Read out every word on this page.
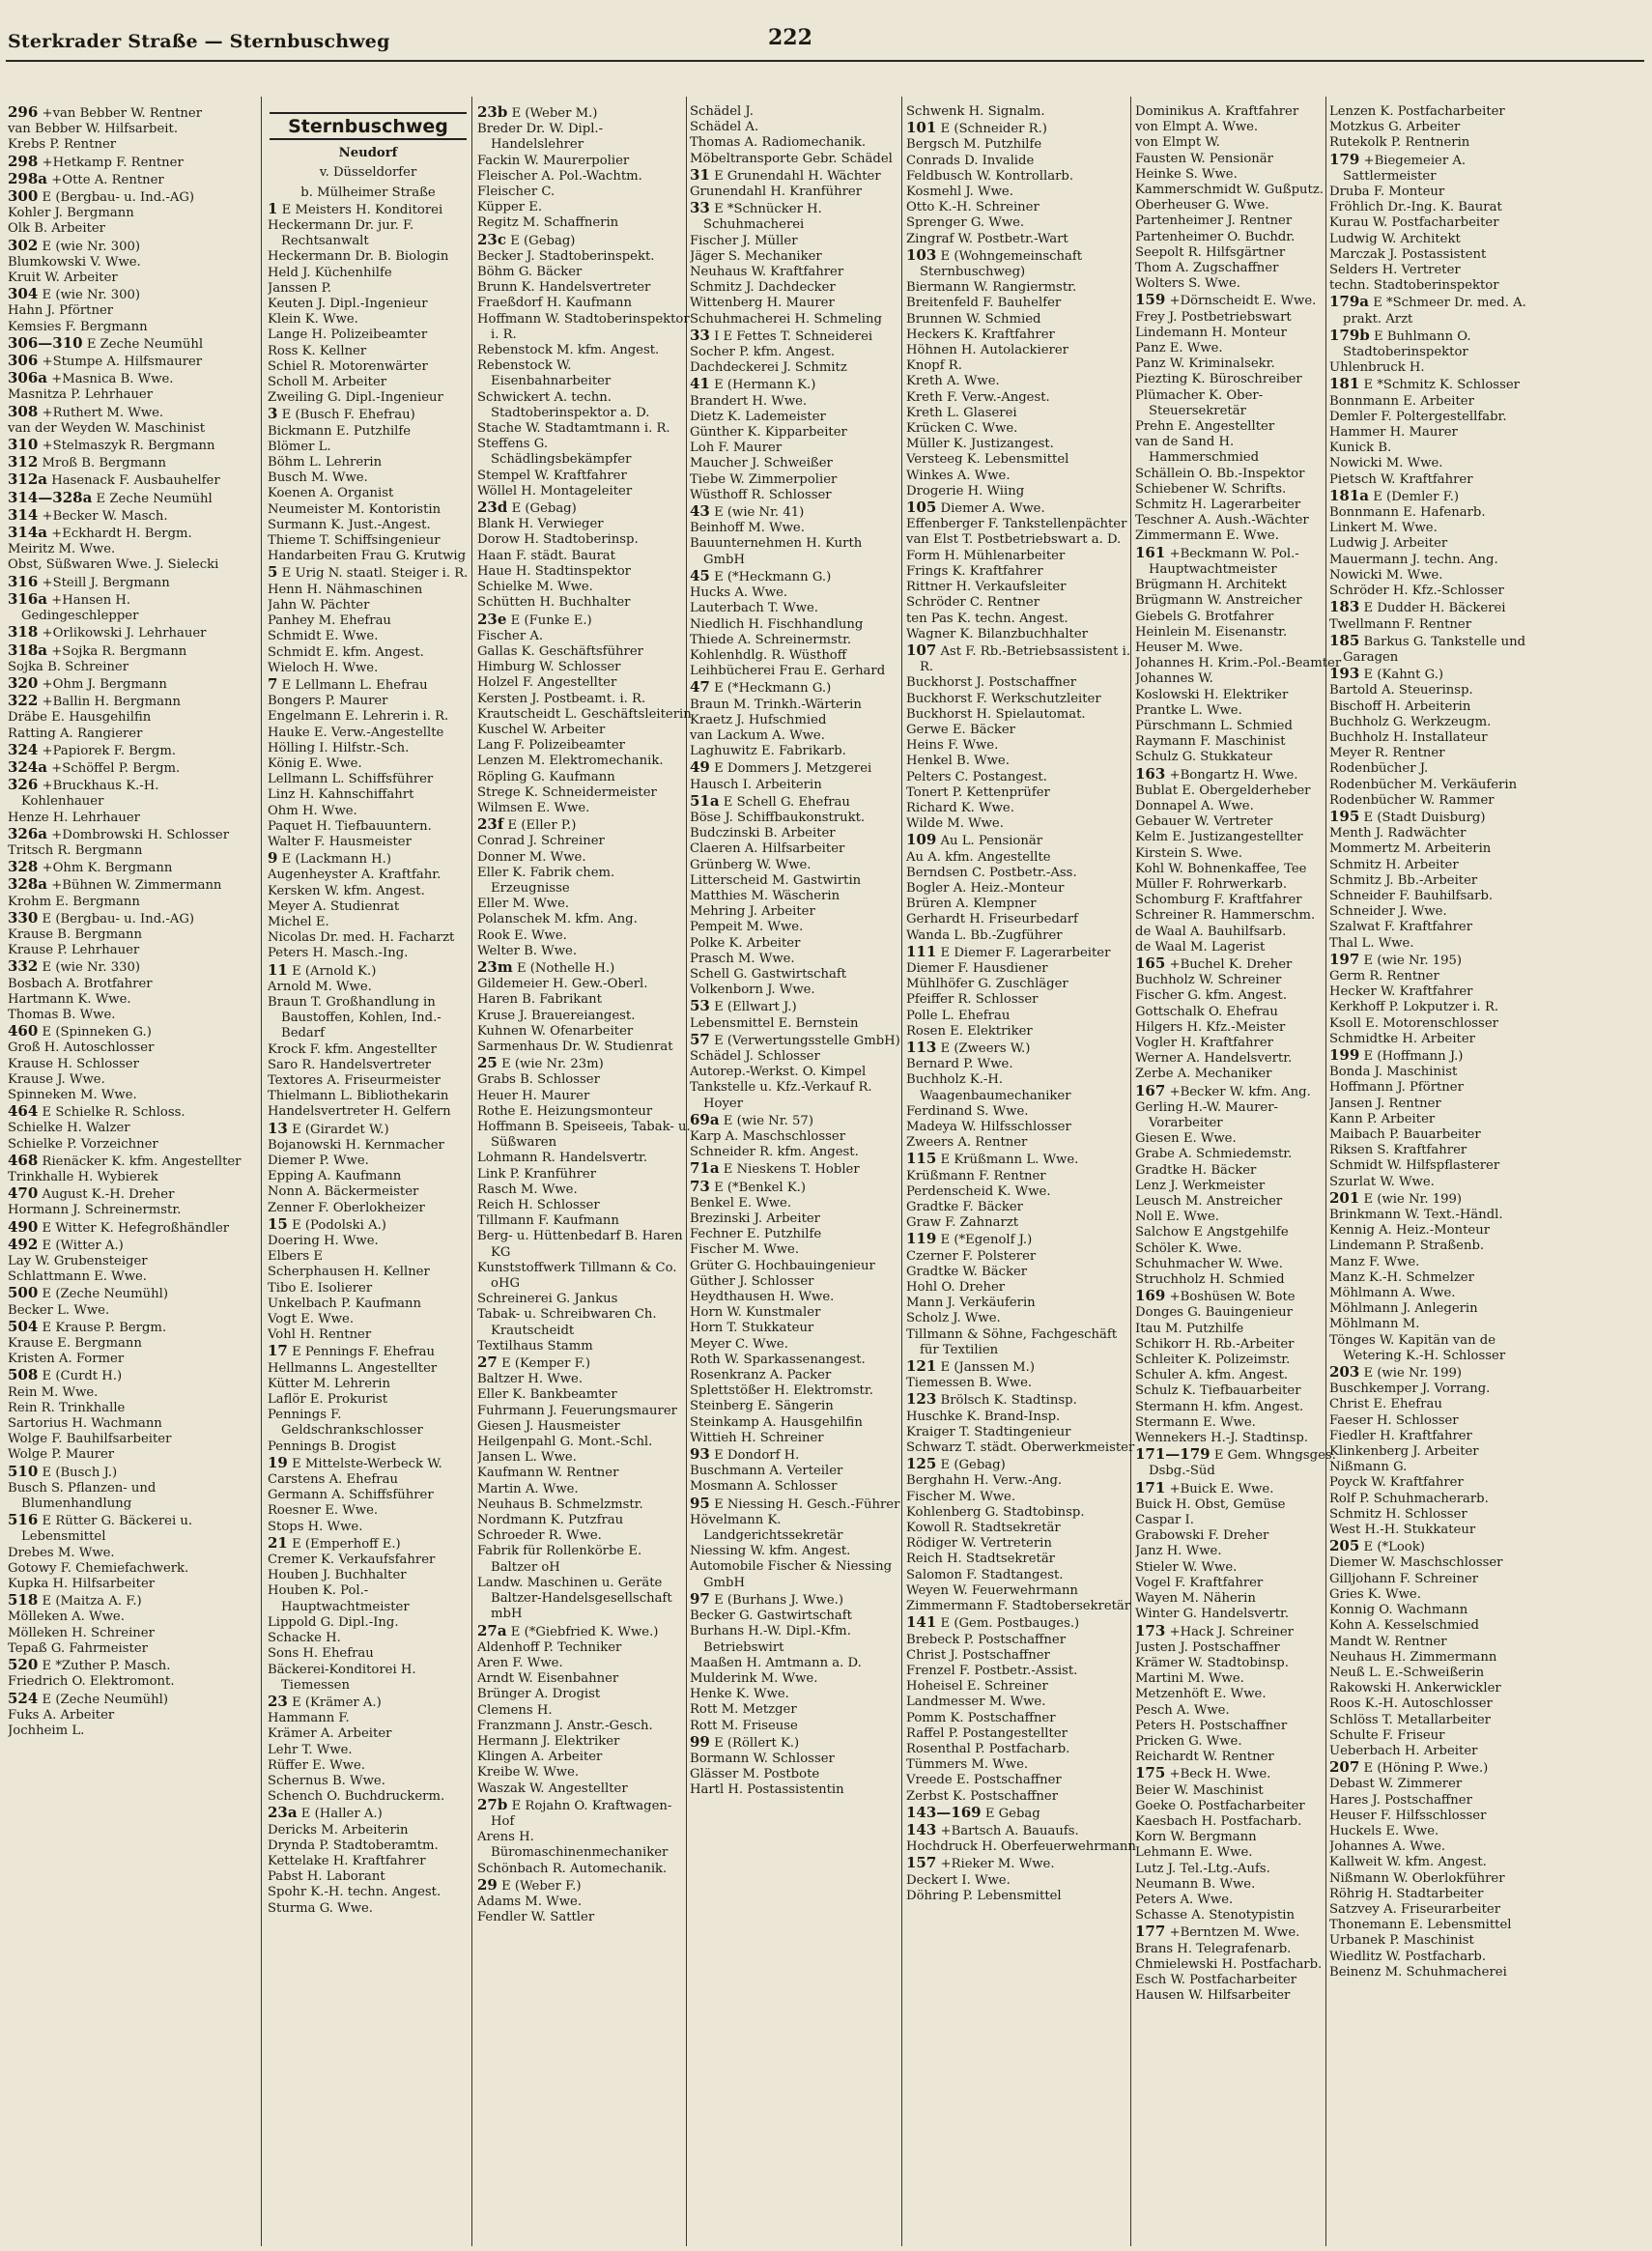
Sterkrader Straße — Sternbuschweg	222
296 +van Bebber W. Rentner
van Bebber W. Hilfsarbeit.
Krebs P. Rentner
298 +Hetkamp F. Rentner
298a +Otte A. Rentner
300 E (Bergbau- u. Ind.-AG)
Kohler J. Bergmann
Olk B. Arbeiter
302 E (wie Nr. 300)
Blumkowski V. Wwe.
Kruit W. Arbeiter
304 E (wie Nr. 300)
Hahn J. Pförtner
Kemsies F. Bergmann
306—310 E Zeche Neumühl
306 +Stumpe A. Hilfsmaurer
306a +Masnica B. Wwe.
Masnitza P. Lehrhauer
308 +Ruthert M. Wwe.
van der Weyden W. Maschinist
310 +Stelmaszyk R. Bergmann
312 Mroß B. Bergmann
312a Hasenack F. Ausbauhelfer
314—328a E Zeche Neumühl
314 +Becker W. Masch.
314a +Eckhardt H. Bergm.
Meiritz M. Wwe.
Obst, Süßwaren Wwe. J. Sielecki
316 +Steill J. Bergmann
316a +Hansen H. Gedingeschlepper
318 +Orlikowski J. Lehrhauer
318a +Sojka R. Bergmann
Sojka B. Schreiner
320 +Ohm J. Bergmann
322 +Ballin H. Bergmann
Dräbe E. Hausgehilfin
Ratting A. Rangierer
324 +Papiorek F. Bergm.
324a +Schöffel P. Bergm.
326 +Bruckhaus K.-H. Kohlenhauer
Henze H. Lehrhauer
326a +Dombrowski H. Schlosser
Tritsch R. Bergmann
328 +Ohm K. Bergmann
328a +Bühnen W. Zimmermann
Krohm E. Bergmann
330 E (Bergbau- u. Ind.-AG)
Krause B. Bergmann
Krause P. Lehrhauer
332 E (wie Nr. 330)
Bosbach A. Brotfahrer
Hartmann K. Wwe.
Thomas B. Wwe.
460 E (Spinneken G.)
Groß H. Autoschlosser
Krause H. Schlosser
Krause J. Wwe.
Spinneken M. Wwe.
464 E Schielke R. Schloss.
Schielke H. Walzer
Schielke P. Vorzeichner
468 Rienäcker K. kfm. Angestellter
Trinkhalle H. Wybierek
470 August K.-H. Dreher
Hormann J. Schreinermstr.
490 E Witter K. Hefegroßhändler
492 E (Witter A.)
Lay W. Grubensteiger
Schlattmann E. Wwe.
500 E (Zeche Neumühl)
Becker L. Wwe.
504 E Krause P. Bergm.
Krause E. Bergmann
Kristen A. Former
508 E (Curdt H.)
Rein M. Wwe.
Rein R. Trinkhalle
Sartorius H. Wachmann
Wolge F. Bauhilfsarbeiter
Wolge P. Maurer
510 E (Busch J.)
Busch S. Pflanzen- und Blumenhandlung
516 E Rütter G. Bäckerei u. Lebensmittel
Drebes M. Wwe.
Gotowy F. Chemiefachwerk.
Kupka H. Hilfsarbeiter
518 E (Maitza A. F.)
Mölleken A. Wwe.
Mölleken H. Schreiner
Tepaß G. Fahrmeister
520 E *Zuther P. Masch.
Friedrich O. Elektromont.
524 E (Zeche Neumühl)
Fuks A. Arbeiter
Jochheim L.
Sternbuschweg
Neudorf
v. Düsseldorfer
b. Mülheimer Straße
1 E Meisters H. Konditorei
Heckermann Dr. jur. F. Rechtsanwalt
Heckermann Dr. B. Biologin
Held J. Küchenhilfe
Janssen P.
Keuten J. Dipl.-Ingenieur
Klein K. Wwe.
Lange H. Polizeibeamter
Ross K. Kellner
Schiel R. Motorenwärter
Scholl M. Arbeiter
Zweiling G. Dipl.-Ingenieur
3 E (Busch F. Ehefrau)
Bickmann E. Putzhilfe
Blömer L.
Böhm L. Lehrerin
Busch M. Wwe.
Koenen A. Organist
Neumeister M. Kontoristin
Surmann K. Just.-Angest.
Thieme T. Schiffsingenieur
Handarbeiten Frau G. Krutwig
5 E Urig N. staatl. Steiger i. R.
Henn H. Nähmaschinen
Jahn W. Pächter
Panhey M. Ehefrau
Schmidt E. Wwe.
Schmidt E. kfm. Angest.
Wieloch H. Wwe.
7 E Lellmann L. Ehefrau
Bongers P. Maurer
Engelmann E. Lehrerin i. R.
Hauke E. Verw.-Angestellte
Hölling I. Hilfstr.-Sch.
König E. Wwe.
Lellmann L. Schiffsführer
Linz H. Kahnschiffahrt
Ohm H. Wwe.
Paquet H. Tiefbauuntern.
Walter F. Hausmeister
9 E (Lackmann H.)
Augenheyster A. Kraftfahr.
Kersken W. kfm. Angest.
Meyer A. Studienrat
Michel E.
Nicolas Dr. med. H. Facharzt
Peters H. Masch.-Ing.
11 E (Arnold K.)
Arnold M. Wwe.
Braun T. Großhandlung in Baustoffen, Kohlen, Ind.-Bedarf
Krock F. kfm. Angestellter
Saro R. Handelsvertreter
Textores A. Friseurmeister
Thielmann L. Bibliothekarin
Handelsvertreter H. Gelfern
13 E (Girardet W.)
Bojanowski H. Kernmacher
Diemer P. Wwe.
Epping A. Kaufmann
Nonn A. Bäckermeister
Zenner F. Oberlokheizer
15 E (Podolski A.)
Doering H. Wwe.
Elbers E
Scherphausen H. Kellner
Tibo E. Isolierer
Unkelbach P. Kaufmann
Vogt E. Wwe.
Vohl H. Rentner
17 E Pennings F. Ehefrau
Hellmanns L. Angestellter
Kütter M. Lehrerin
Laflör E. Prokurist
Pennings F. Geldschrankschlosser
Pennings B. Drogist
19 E Mittelste-Werbeck W.
Carstens A. Ehefrau
Germann A. Schiffsführer
Roesner E. Wwe.
Stops H. Wwe.
21 E (Emperhoff E.)
Cremer K. Verkaufsfahrer
Houben J. Buchhalter
Houben K. Pol.-Hauptwachtmeister
Lippold G. Dipl.-Ing.
Schacke H.
Sons H. Ehefrau
Bäckerei-Konditorei H. Tiemessen
23 E (Krämer A.)
Hammann F.
Krämer A. Arbeiter
Lehr T. Wwe.
Rüffer E. Wwe.
Schernus B. Wwe.
Schench O. Buchdruckerm.
23a E (Haller A.)
Dericks M. Arbeiterin
Drynda P. Stadtoberamtm.
Kettelake H. Kraftfahrer
Pabst H. Laborant
Spohr K.-H. techn. Angest.
Sturma G. Wwe.
23b E (Weber M.)
Breder Dr. W. Dipl.-Handelslehrer
Fackin W. Maurerpolier
Fleischer A. Pol.-Wachtm.
Fleischer C.
Küpper E.
Regitz M. Schaffnerin
23c E (Gebag)
Becker J. Stadtoberinspekt.
Böhm G. Bäcker
Brunn K. Handelsvertreter
Fraeßdorf H. Kaufmann
Hoffmann W. Stadtoberinspektor i. R.
Rebenstock M. kfm. Angest.
Rebenstock W. Eisenbahnarbeiter
Schwickert A. techn. Stadtoberinspektor a. D.
Stache W. Stadtamtmann i. R.
Steffens G. Schädlingsbekämpfer
Stempel W. Kraftfahrer
Wöllel H. Montageleiter
23d E (Gebag)
Blank H. Verwieger
Dorow H. Stadtoberinsp.
Haan F. städt. Baurat
Haue H. Stadtinspektor
Schielke M. Wwe.
Schütten H. Buchhalter
23e E (Funke E.)
Fischer A.
Gallas K. Geschäftsführer
Himburg W. Schlosser
Holzel F. Angestellter
Kersten J. Postbeamt. i. R.
Krautscheidt L. Geschäftsleiterin
Kuschel W. Arbeiter
Lang F. Polizeibeamter
Lenzen M. Elektromechanik.
Röpling G. Kaufmann
Strege K. Schneidermeister
Wilmsen E. Wwe.
23f E (Eller P.)
Conrad J. Schreiner
Donner M. Wwe.
Eller K. Fabrik chem. Erzeugnisse
Eller M. Wwe.
Polanschek M. kfm. Ang.
Rook E. Wwe.
Welter B. Wwe.
23m E (Nothelle H.)
Gildemeier H. Gew.-Oberl.
Haren B. Fabrikant
Kruse J. Brauereiangest.
Kuhnen W. Ofenarbeiter
Sarmenhaus Dr. W. Studienrat
25 E (wie Nr. 23m)
Grabs B. Schlosser
Heuer H. Maurer
Rothe E. Heizungsmonteur
Hoffmann B. Speiseeis, Tabak- u. Süßwaren
Lohmann R. Handelsvertr.
Link P. Kranführer
Rasch M. Wwe.
Reich H. Schlosser
Tillmann F. Kaufmann
Berg- u. Hüttenbedarf B. Haren KG
Kunststoffwerk Tillmann & Co. oHG
Schreinerei G. Jankus
Tabak- u. Schreibwaren Ch. Krautscheidt
Textilhaus Stamm
27 E (Kemper F.)
Baltzer H. Wwe.
Eller K. Bankbeamter
Fuhrmann J. Feuerungsmaurer
Giesen J. Hausmeister
Heilgenpahl G. Mont.-Schl.
Jansen L. Wwe.
Kaufmann W. Rentner
Martin A. Wwe.
Neuhaus B. Schmelzmstr.
Nordmann K. Putzfrau
Schroeder R. Wwe.
Fabrik für Rollenkörbe E. Baltzer oH
Landw. Maschinen u. Geräte Baltzer-Handelsgesellschaft mbH
27a E (*Giebfried K. Wwe.)
Aldenhoff P. Techniker
Aren F. Wwe.
Arndt W. Eisenbahner
Brünger A. Drogist
Clemens H.
Franzmann J. Anstr.-Gesch.
Hermann J. Elektriker
Klingen A. Arbeiter
Kreibe W. Wwe.
Waszak W. Angestellter
27b E Rojahn O. Kraftwagen-Hof
Arens H. Büromaschinenmechaniker
Schönbach R. Automechanik.
29 E (Weber F.)
Adams M. Wwe.
Fendler W. Sattler
Schädel J.
Schädel A.
Thomas A. Radiomechanik.
Möbeltransporte Gebr. Schädel
31 E Grunendahl H. Wächter
Grunendahl H. Kranführer
33 E *Schnücker H. Schuhmacherei
Fischer J. Müller
Jäger S. Mechaniker
Neuhaus W. Kraftfahrer
Schmitz J. Dachdecker
Wittenberg H. Maurer
Schuhmacherei H. Schmeling
33 I E Fettes T. Schneiderei
Socher P. kfm. Angest.
Dachdeckerei J. Schmitz
41 E (Hermann K.)
Brandert H. Wwe.
Dietz K. Lademeister
Günther K. Kipparbeiter
Loh F. Maurer
Maucher J. Schweißer
Tiebe W. Zimmerpolier
Wüsthoff R. Schlosser
43 E (wie Nr. 41)
Beinhoff M. Wwe.
Bauunternehmen H. Kurth GmbH
45 E (*Heckmann G.)
Hucks A. Wwe.
Lauterbach T. Wwe.
Niedlich H. Fischhandlung
Thiede A. Schreinermstr.
Kohlenhdlg. R. Wüsthoff
Leihbücherei Frau E. Gerhard
47 E (*Heckmann G.)
Braun M. Trinkh.-Wärterin
Kraetz J. Hufschmied
van Lackum A. Wwe.
Laghuwitz E. Fabrikarb.
49 E Dommers J. Metzgerei
Hausch I. Arbeiterin
51a E Schell G. Ehefrau
Böse J. Schiffbaukonstrukt.
Budczinski B. Arbeiter
Claeren A. Hilfsarbeiter
Grünberg W. Wwe.
Litterscheid M. Gastwirtin
Matthies M. Wäscherin
Mehring J. Arbeiter
Pempeit M. Wwe.
Polke K. Arbeiter
Prasch M. Wwe.
Schell G. Gastwirtschaft
Volkenborn J. Wwe.
53 E (Ellwart J.)
Lebensmittel E. Bernstein
57 E (Verwertungsstelle GmbH)
Schädel J. Schlosser
Autorep.-Werkst. O. Kimpel
Tankstelle u. Kfz.-Verkauf R. Hoyer
69a E (wie Nr. 57)
Karp A. Maschschlosser
Schneider R. kfm. Angest.
71a E Nieskens T. Hobler
73 E (*Benkel K.)
Benkel E. Wwe.
Brezinski J. Arbeiter
Fechner E. Putzhilfe
Fischer M. Wwe.
Grüter G. Hochbauingenieur
Güther J. Schlosser
Heydthausen H. Wwe.
Horn W. Kunstmaler
Horn T. Stukkateur
Meyer C. Wwe.
Roth W. Sparkassenangest.
Rosenkranz A. Packer
Splettstößer H. Elektromstr.
Steinberg E. Sängerin
Steinkamp A. Hausgehilfin
Wittieh H. Schreiner
93 E Dondorf H.
Buschmann A. Verteiler
Mosmann A. Schlosser
95 E Niessing H. Gesch.-Führer
Hövelmann K. Landgerichtssekretär
Niessing W. kfm. Angest.
Automobile Fischer & Niessing GmbH
97 E (Burhans J. Wwe.)
Becker G. Gastwirtschaft
Burhans H.-W. Dipl.-Kfm. Betriebswirt
Maaßen H. Amtmann a. D.
Mulderink M. Wwe.
Henke K. Wwe.
Rott M. Metzger
Rott M. Friseuse
99 E (Röllert K.)
Bormann W. Schlosser
Glässer M. Postbote
Hartl H. Postassistentin
Schwenk H. Signalm.
101 E (Schneider R.)
Bergsch M. Putzhilfe
Conrads D. Invalide
Feldbusch W. Kontrollarb.
Kosmehl J. Wwe.
Otto K.-H. Schreiner
Sprenger G. Wwe.
Zingraf W. Postbetr.-Wart
103 E (Wohngemeinschaft Sternbuschweg)
Biermann W. Rangiermstr.
Breitenfeld F. Bauhelfer
Brunnen W. Schmied
Heckers K. Kraftfahrer
Höhnen H. Autolackierer
Knopf R.
Kreth A. Wwe.
Kreth F. Verw.-Angest.
Kreth L. Glaserei
Krücken C. Wwe.
Müller K. Justizangest.
Versteeg K. Lebensmittel
Winkes A. Wwe.
Drogerie H. Wiing
105 Diemer A. Wwe.
Effenberger F. Tankstellenpächter
van Elst T. Postbetriebswart a. D.
Form H. Mühlenarbeiter
Frings K. Kraftfahrer
Rittner H. Verkaufsleiter
Schröder C. Rentner
ten Pas K. techn. Angest.
Wagner K. Bilanzbuchhalter
107 Ast F. Rb.-Betriebsassistent i. R.
Buckhorst J. Postschaffner
Buckhorst F. Werkschutzleiter
Buckhorst H. Spielautomat.
Gerwe E. Bäcker
Heins F. Wwe.
Henkel B. Wwe.
Pelters C. Postangest.
Tonert P. Kettenprüfer
Richard K. Wwe.
Wilde M. Wwe.
109 Au L. Pensionär
Au A. kfm. Angestellte
Berndsen C. Postbetr.-Ass.
Bogler A. Heiz.-Monteur
Brüren A. Klempner
Gerhardt H. Friseurbedarf
Wanda L. Bb.-Zugführer
111 E Diemer F. Lagerarbeiter
Diemer F. Hausdiener
Mühlhöfer G. Zuschläger
Pfeiffer R. Schlosser
Polle L. Ehefrau
Rosen E. Elektriker
113 E (Zweers W.)
Bernard P. Wwe.
Buchholz K.-H. Waagenbaumechaniker
Ferdinand S. Wwe.
Madeya W. Hilfsschlosser
Zweers A. Rentner
115 E Krüßmann L. Wwe.
Krüßmann F. Rentner
Perdenscheid K. Wwe.
Gradtke F. Bäcker
Graw F. Zahnarzt
119 E (*Egenolf J.)
Czerner F. Polsterer
Gradtke W. Bäcker
Hohl O. Dreher
Mann J. Verkäuferin
Scholz J. Wwe.
Tillmann & Söhne, Fachgeschäft für Textilien
121 E (Janssen M.)
Tiemessen B. Wwe.
123 Brölsch K. Stadtinsp.
Huschke K. Brand-Insp.
Kraiger T. Stadtingenieur
Schwarz T. städt. Oberwerkmeister
125 E (Gebag)
Berghahn H. Verw.-Ang.
Fischer M. Wwe.
Kohlenberg G. Stadtobinsp.
Kowoll R. Stadtsekretär
Rödiger W. Vertreterin
Reich H. Stadtsekretär
Salomon F. Stadtangest.
Weyen W. Feuerwehrmann
Zimmermann F. Stadtobersekretär
141 E (Gem. Postbauges.)
Brebeck P. Postschaffner
Christ J. Postschaffner
Frenzel F. Postbetr.-Assist.
Hoheisel E. Schreiner
Landmesser M. Wwe.
Pomm K. Postschaffner
Raffel P. Postangestellter
Rosenthal P. Postfacharb.
Tümmers M. Wwe.
Vreede E. Postschaffner
Zerbst K. Postschaffner
143—169 E Gebag
143 +Bartsch A. Bauaufs.
Hochdruck H. Oberfeuerwehrmann
157 +Rieker M. Wwe.
Deckert I. Wwe.
Döhring P. Lebensmittel
Dominikus A. Kraftfahrer
von Elmpt A. Wwe.
von Elmpt W.
Fausten W. Pensionär
Heinke S. Wwe.
Kammerschmidt W. Gußputz.
Oberheuser G. Wwe.
Partenheimer J. Rentner
Partenheimer O. Buchdr.
Seepolt R. Hilfsgärtner
Thom A. Zugschaffner
Wolters S. Wwe.
159 +Dörnscheidt E. Wwe.
Frey J. Postbetriebswart
Lindemann H. Monteur
Panz E. Wwe.
Panz W. Kriminalsekr.
Piezting K. Büroschreiber
Plümacher K. Ober-Steuersekretär
Prehn E. Angestellter
van de Sand H. Hammerschmied
Schällein O. Bb.-Inspektor
Schiebener W. Schrifts.
Schmitz H. Lagerarbeiter
Teschner A. Aush.-Wächter
Zimmermann E. Wwe.
161 +Beckmann W. Pol.-Hauptwachtmeister
Brügmann H. Architekt
Brügmann W. Anstreicher
Giebels G. Brotfahrer
Heinlein M. Eisenanstr.
Heuser M. Wwe.
Johannes H. Krim.-Pol.-Beamter
Johannes W.
Koslowski H. Elektriker
Prantke L. Wwe.
Pürschmann L. Schmied
Raymann F. Maschinist
Schulz G. Stukkateur
163 +Bongartz H. Wwe.
Bublat E. Obergelderheber
Donnapel A. Wwe.
Gebauer W. Vertreter
Kelm E. Justizangestellter
Kirstein S. Wwe.
Kohl W. Bohnenkaffee, Tee
Müller F. Rohrwerkarb.
Schomburg F. Kraftfahrer
Schreiner R. Hammerschm.
de Waal A. Bauhilfsarb.
de Waal M. Lagerist
165 +Buchel K. Dreher
Buchholz W. Schreiner
Fischer G. kfm. Angest.
Gottschalk O. Ehefrau
Hilgers H. Kfz.-Meister
Vogler H. Kraftfahrer
Werner A. Handelsvertr.
Zerbe A. Mechaniker
167 +Becker W. kfm. Ang.
Gerling H.-W. Maurer-Vorarbeiter
Giesen E. Wwe.
Grabe A. Schmiedemstr.
Gradtke H. Bäcker
Lenz J. Werkmeister
Leusch M. Anstreicher
Noll E. Wwe.
Salchow E Angstgehilfe
Schöler K. Wwe.
Schuhmacher W. Wwe.
Struchholz H. Schmied
169 +Boshüsen W. Bote
Donges G. Bauingenieur
Itau M. Putzhilfe
Schikorr H. Rb.-Arbeiter
Schleiter K. Polizeimstr.
Schuler A. kfm. Angest.
Schulz K. Tiefbauarbeiter
Stermann H. kfm. Angest.
Stermann E. Wwe.
Wennekers H.-J. Stadtinsp.
171—179 E Gem. Whngsges. Dsbg.-Süd
171 +Buick E. Wwe.
Buick H. Obst, Gemüse
Caspar I.
Grabowski F. Dreher
Janz H. Wwe.
Stieler W. Wwe.
Vogel F. Kraftfahrer
Wayen M. Näherin
Winter G. Handelsvertr.
173 +Hack J. Schreiner
Justen J. Postschaffner
Krämer W. Stadtobinsp.
Martini M. Wwe.
Metzenhöft E. Wwe.
Pesch A. Wwe.
Peters H. Postschaffner
Pricken G. Wwe.
Reichardt W. Rentner
175 +Beck H. Wwe.
Beier W. Maschinist
Goeke O. Postfacharbeiter
Kaesbach H. Postfacharb.
Korn W. Bergmann
Lehmann E. Wwe.
Lutz J. Tel.-Ltg.-Aufs.
Neumann B. Wwe.
Peters A. Wwe.
Schasse A. Stenotypistin
177 +Berntzen M. Wwe.
Brans H. Telegrafenarb.
Chmielewski H. Postfacharb.
Esch W. Postfacharbeiter
Hausen W. Hilfsarbeiter
Lenzen K. Postfacharbeiter
Motzkus G. Arbeiter
Rutekolk P. Rentnerin
179 +Biegemeier A. Sattlermeister
Druba F. Monteur
Fröhlich Dr.-Ing. K. Baurat
Kurau W. Postfacharbeiter
Ludwig W. Architekt
Marczak J. Postassistent
Selders H. Vertreter
techn. Stadtoberinspektor
179a E *Schmeer Dr. med. A. prakt. Arzt
179b E Buhlmann O. Stadtoberinspektor
Uhlenbruck H.
181 E *Schmitz K. Schlosser
Bonnmann E. Arbeiter
Demler F. Poltergestellfabr.
Hammer H. Maurer
Kunick B.
Nowicki M. Wwe.
Pietsch W. Kraftfahrer
181a E (Demler F.)
Bonnmann E. Hafenarb.
Linkert M. Wwe.
Ludwig J. Arbeiter
Mauermann J. techn. Ang.
Nowicki M. Wwe.
Schröder H. Kfz.-Schlosser
183 E Dudder H. Bäckerei
Twellmann F. Rentner
185 Barkus G. Tankstelle und Garagen
193 E (Kahnt G.)
Bartold A. Steuerinsp.
Bischoff H. Arbeiterin
Buchholz G. Werkzeugm.
Buchholz H. Installateur
Meyer R. Rentner
Rodenbücher J.
Rodenbücher M. Verkäuferin
Rodenbücher W. Rammer
195 E (Stadt Duisburg)
Menth J. Radwächter
Mommertz M. Arbeiterin
Schmitz H. Arbeiter
Schmitz J. Bb.-Arbeiter
Schneider F. Bauhilfsarb.
Schneider J. Wwe.
Szalwat F. Kraftfahrer
Thal L. Wwe.
197 E (wie Nr. 195)
Germ R. Rentner
Hecker W. Kraftfahrer
Kerkhoff P. Lokputzer i. R.
Ksoll E. Motorenschlosser
Schmidtke H. Arbeiter
199 E (Hoffmann J.)
Bonda J. Maschinist
Hoffmann J. Pförtner
Jansen J. Rentner
Kann P. Arbeiter
Maibach P. Bauarbeiter
Riksen S. Kraftfahrer
Schmidt W. Hilfspflasterer
Szurlat W. Wwe.
201 E (wie Nr. 199)
Brinkmann W. Text.-Händl.
Kennig A. Heiz.-Monteur
Lindemann P. Straßenb.
Manz F. Wwe.
Manz K.-H. Schmelzer
Möhlmann A. Wwe.
Möhlmann J. Anlegerin
Möhlmann M.
Tönges W. Kapitän van de Wetering K.-H. Schlosser
203 E (wie Nr. 199)
Buschkemper J. Vorrang.
Christ E. Ehefrau
Faeser H. Schlosser
Fiedler H. Kraftfahrer
Klinkenberg J. Arbeiter
Nißmann G.
Poyck W. Kraftfahrer
Rolf P. Schuhmacherarb.
Schmitz H. Schlosser
West H.-H. Stukkateur
205 E (*Look)
Diemer W. Maschschlosser
Gilljohann F. Schreiner
Gries K. Wwe.
Konnig O. Wachmann
Kohn A. Kesselschmied
Mandt W. Rentner
Neuhaus H. Zimmermann
Neuß L. E.-Schweißerin
Rakowski H. Ankerwickler
Roos K.-H. Autoschlosser
Schlöss T. Metallarbeiter
Schulte F. Friseur
Ueberbach H. Arbeiter
207 E (Höning P. Wwe.)
Debast W. Zimmerer
Hares J. Postschaffner
Heuser F. Hilfsschlosser
Huckels E. Wwe.
Johannes A. Wwe.
Kallweit W. kfm. Angest.
Nißmann W. Oberlokführer
Röhrig H. Stadtarbeiter
Satzvey A. Friseurarbeiter
Thonemann E. Lebensmittel
Urbanek P. Maschinist
Wiedlitz W. Postfacharb.
Beinenz M. Schuhmacherei
